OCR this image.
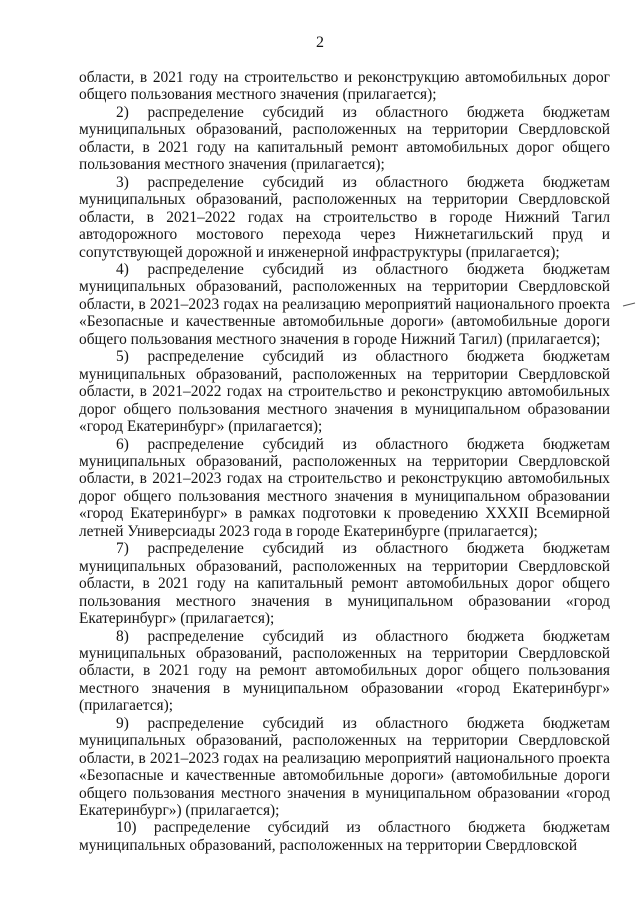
2

области, в 2021 году на строительство и реконструкцию автомобильных дорог общего пользования местного значения (прилагается);

2) распределение субсидий из областного бюджета бюджетам муниципальных образований, расположенных на территории Свердловской области, в 2021 году на капитальный ремонт автомобильных дорог общего пользования местного значения (прилагается);

3) распределение субсидий из областного бюджета бюджетам муниципальных образований, расположенных на территории Свердловской области, в 2021–2022 годах на строительство в городе Нижний Тагил автодорожного мостового перехода через Нижнетагильский пруд и сопутствующей дорожной и инженерной инфраструктуры (прилагается);

4) распределение субсидий из областного бюджета бюджетам муниципальных образований, расположенных на территории Свердловской области, в 2021–2023 годах на реализацию мероприятий национального проекта «Безопасные и качественные автомобильные дороги» (автомобильные дороги общего пользования местного значения в городе Нижний Тагил) (прилагается);

5) распределение субсидий из областного бюджета бюджетам муниципальных образований, расположенных на территории Свердловской области, в 2021–2022 годах на строительство и реконструкцию автомобильных дорог общего пользования местного значения в муниципальном образовании «город Екатеринбург» (прилагается);

6) распределение субсидий из областного бюджета бюджетам муниципальных образований, расположенных на территории Свердловской области, в 2021–2023 годах на строительство и реконструкцию автомобильных дорог общего пользования местного значения в муниципальном образовании «город Екатеринбург» в рамках подготовки к проведению XXXII Всемирной летней Универсиады 2023 года в городе Екатеринбурге (прилагается);

7) распределение субсидий из областного бюджета бюджетам муниципальных образований, расположенных на территории Свердловской области, в 2021 году на капитальный ремонт автомобильных дорог общего пользования местного значения в муниципальном образовании «город Екатеринбург» (прилагается);

8) распределение субсидий из областного бюджета бюджетам муниципальных образований, расположенных на территории Свердловской области, в 2021 году на ремонт автомобильных дорог общего пользования местного значения в муниципальном образовании «город Екатеринбург» (прилагается);

9) распределение субсидий из областного бюджета бюджетам муниципальных образований, расположенных на территории Свердловской области, в 2021–2023 годах на реализацию мероприятий национального проекта «Безопасные и качественные автомобильные дороги» (автомобильные дороги общего пользования местного значения в муниципальном образовании «город Екатеринбург») (прилагается);

10) распределение субсидий из областного бюджета бюджетам муниципальных образований, расположенных на территории Свердловской
